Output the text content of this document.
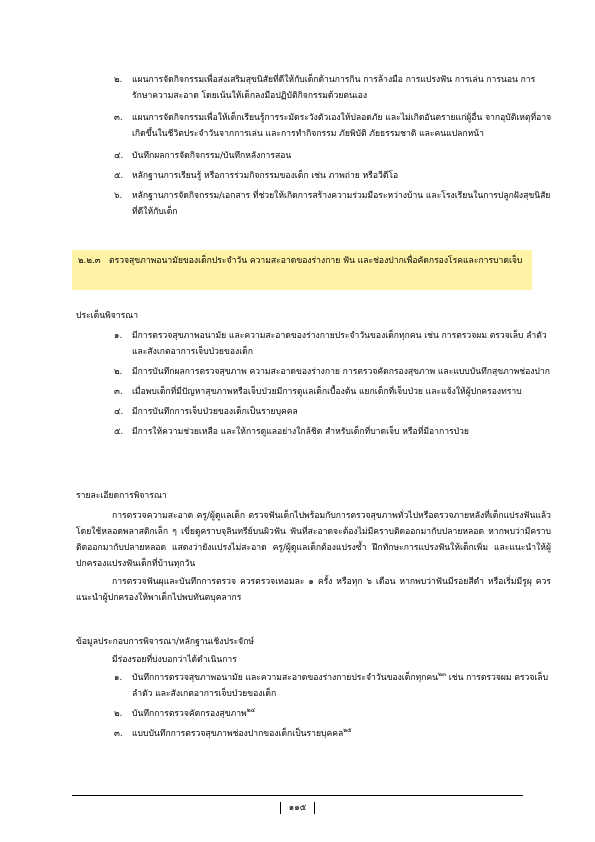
๒. แผนการจัดกิจกรรมเพื่อส่งเสริมสุขนิสัยที่ดีให้กับเด็กด้านการกิน การล้างมือ การแปรงฟัน การเล่น การนอน การรักษาความสะอาด โดยเน้นให้เด็กลงมือปฏิบัติกิจกรรมด้วยตนเอง
๓. แผนการจัดกิจกรรมเพื่อให้เด็กเรียนรู้การระมัดระวังตัวเองให้ปลอดภัย และไม่เกิดอันตรายแก่ผู้อื่น จากอุบัติเหตุที่อาจเกิดขึ้นในชีวิตประจำวันจากการเล่น และการทำกิจกรรม ภัยพิบัติ ภัยธรรมชาติ และคนแปลกหน้า
๔. บันทึกผลการจัดกิจกรรม/บันทึกหลังการสอน
๕. หลักฐานการเรียนรู้ หรือการร่วมกิจกรรมของเด็ก เช่น ภาพถ่าย หรือวีดีโอ
๖. หลักฐานการจัดกิจกรรม/เอกสาร ที่ช่วยให้เกิดการสร้างความร่วมมือระหว่างบ้าน และโรงเรียนในการปลูกฝังสุขนิสัยที่ดีให้กับเด็ก
๒.๒.๓ ตรวจสุขภาพอนามัยของเด็กประจำวัน ความสะอาดของร่างกาย ฟัน และช่องปากเพื่อคัดกรองโรคและการบาดเจ็บ
ประเด็นพิจารณา
๑. มีการตรวจสุขภาพอนามัย และความสะอาดของร่างกายประจำวันของเด็กทุกคน เช่น การตรวจผม ตรวจเล็บ ลำตัว และสังเกตอาการเจ็บป่วยของเด็ก
๒. มีการบันทึกผลการตรวจสุขภาพ ความสะอาดของร่างกาย การตรวจคัดกรองสุขภาพ และแบบบันทึกสุขภาพช่องปาก
๓. เมื่อพบเด็กที่มีปัญหาสุขภาพหรือเจ็บป่วยมีการดูแลเด็กเบื้องต้น แยกเด็กที่เจ็บป่วย และแจ้งให้ผู้ปกครองทราบ
๔. มีการบันทึกการเจ็บป่วยของเด็กเป็นรายบุคคล
๕. มีการให้ความช่วยเหลือ และให้การดูแลอย่างใกล้ชิด สำหรับเด็กที่บาดเจ็บ หรือที่มีอาการป่วย
รายละเอียดการพิจารณา
การตรวจความสะอาด ครู/ผู้ดูแลเด็ก ตรวจฟันเด็กไปพร้อมกับการตรวจสุขภาพทั่วไปหรือตรวจภายหลังที่เด็กแปรงฟันแล้ว โดยใช้หลอดพลาสติกเล็ก ๆ เขี่ยดูคราบจุลินทรีย์บนผิวฟัน ฟันที่สะอาดจะต้องไม่มีคราบติดออกมากับปลายหลอด หากพบว่ามีคราบติดออกมากับปลายหลอด แสดงว่ายังแปรงไม่สะอาด ครู/ผู้ดูแลเด็กต้องแปรงซ้ำ ฝึกทักษะการแปรงฟันให้เด็กเพิ่ม และแนะนำให้ผู้ปกครองแปรงฟันเด็กที่บ้านทุกวัน
การตรวจฟันผุและบันทึกการตรวจ ควรตรวจเทอมละ ๑ ครั้ง หรือทุก ๖ เดือน หากพบว่าฟันมีรอยสีดำ หรือเริ่มมีรูผุ ควรแนะนำผู้ปกครองให้พาเด็กไปพบทันตบุคลากร
ข้อมูลประกอบการพิจารณา/หลักฐานเชิงประจักษ์
มีร่องรอยที่บ่งบอกว่าได้ดำเนินการ
๑. บันทึกการตรวจสุขภาพอนามัย และความสะอาดของร่างกายประจำวันของเด็กทุกคน$^{๒๓}$ เช่น การตรวจผม ตรวจเล็บ ลำตัว และสังเกตอาการเจ็บป่วยของเด็ก
๒. บันทึกการตรวจคัดกรองสุขภาพ$^{๒๔}$
๓. แบบบันทึกการตรวจสุขภาพช่องปากของเด็กเป็นรายบุคคล$^{๒๕}$
๑๑๕
